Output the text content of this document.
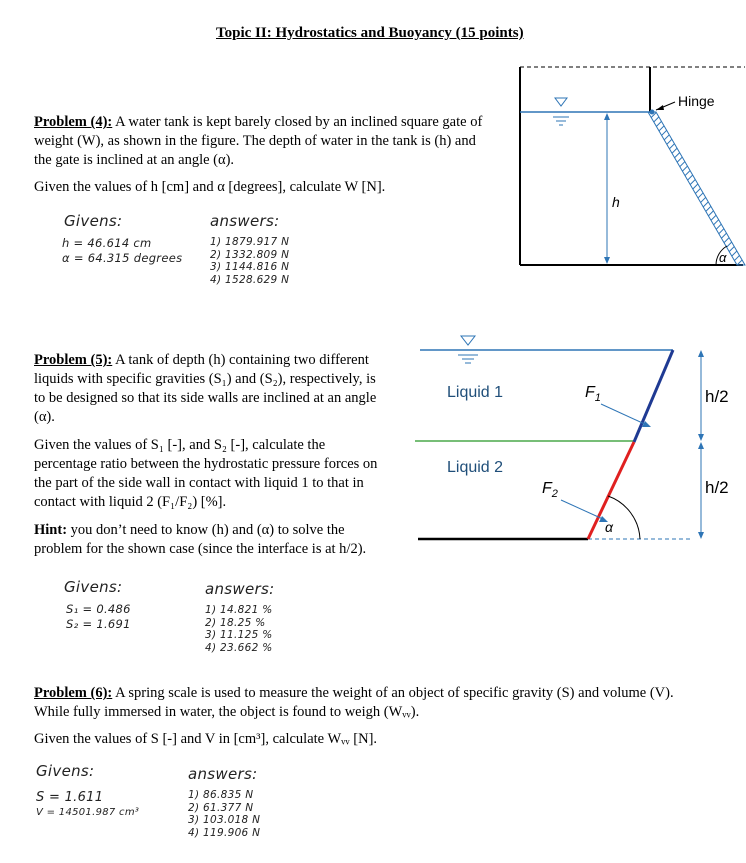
Topic II: Hydrostatics and Buoyancy (15 points)
Problem (4): A water tank is kept barely closed by an inclined square gate of
weight (W), as shown in the figure. The depth of water in the tank is (h) and
the gate is inclined at an angle (α).
Given the values of h [cm] and α [degrees], calculate W [N].
Givens:
h = 46.614 cm
α = 64.315 degrees
answers:
1) 1879.917 N
2) 1332.809 N
3) 1144.816 N
4) 1528.629 N
Hinge
h
α
Problem (5): A tank of depth (h) containing two different
liquids with specific gravities (S₁) and (S₂), respectively, is
to be designed so that its side walls are inclined at an angle
(α).
Given the values of S₁ [-], and S₂ [-], calculate the
percentage ratio between the hydrostatic pressure forces on
the part of the side wall in contact with liquid 1 to that in
contact with liquid 2 (F₁/F₂) [%].
Hint: you don’t need to know (h) and (α) to solve the
problem for the shown case (since the interface is at h/2).
Givens:
S₁ = 0.486
S₂ = 1.691
answers:
1) 14.821 %
2) 18.25 %
3) 11.125 %
4) 23.662 %
Liquid 1
Liquid 2
$F_1$
$F_2$
α
h/2
h/2
Problem (6): A spring scale is used to measure the weight of an object of specific gravity (S) and volume (V).
While fully immersed in water, the object is found to weigh (Wᵥᵥ).
Given the values of S [-] and V in [cm³], calculate Wᵥᵥ [N].
Givens:
S = 1.611
V = 14501.987 cm³
answers:
1) 86.835 N
2) 61.377 N
3) 103.018 N
4) 119.906 N
